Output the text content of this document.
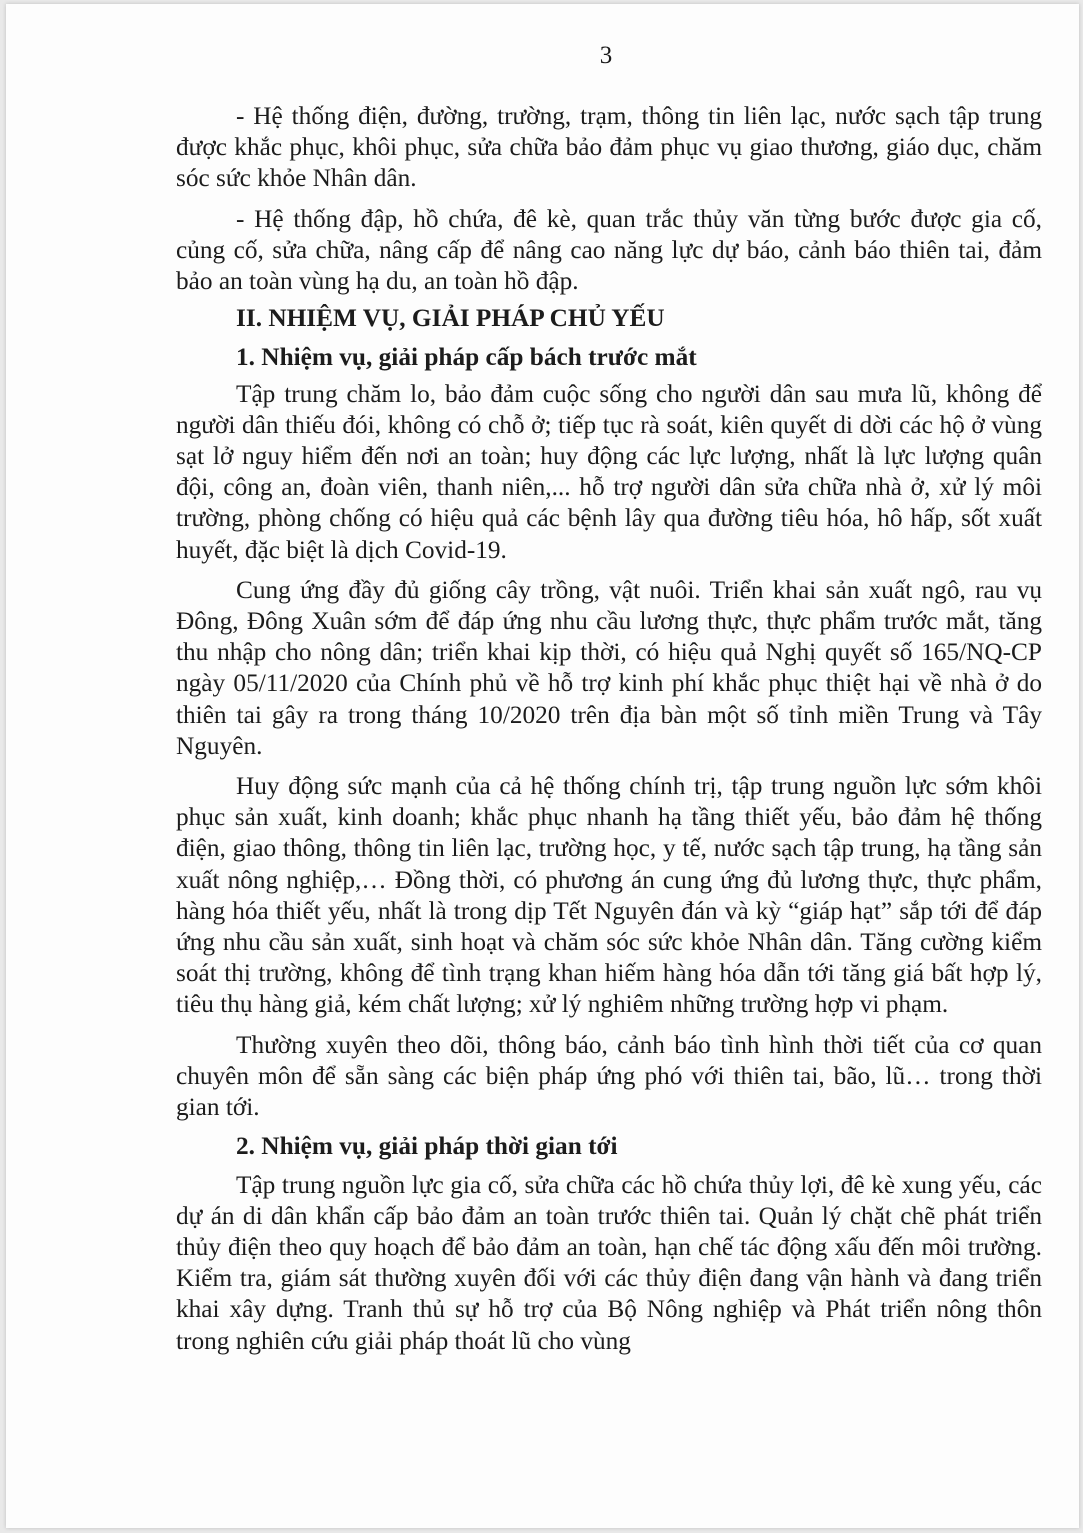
3

- Hệ thống điện, đường, trường, trạm, thông tin liên lạc, nước sạch tập trung được khắc phục, khôi phục, sửa chữa bảo đảm phục vụ giao thương, giáo dục, chăm sóc sức khỏe Nhân dân.

- Hệ thống đập, hồ chứa, đê kè, quan trắc thủy văn từng bước được gia cố, củng cố, sửa chữa, nâng cấp để nâng cao năng lực dự báo, cảnh báo thiên tai, đảm bảo an toàn vùng hạ du, an toàn hồ đập.

II. NHIỆM VỤ, GIẢI PHÁP CHỦ YẾU
1. Nhiệm vụ, giải pháp cấp bách trước mắt

Tập trung chăm lo, bảo đảm cuộc sống cho người dân sau mưa lũ, không để người dân thiếu đói, không có chỗ ở; tiếp tục rà soát, kiên quyết di dời các hộ ở vùng sạt lở nguy hiểm đến nơi an toàn; huy động các lực lượng, nhất là lực lượng quân đội, công an, đoàn viên, thanh niên,... hỗ trợ người dân sửa chữa nhà ở, xử lý môi trường, phòng chống có hiệu quả các bệnh lây qua đường tiêu hóa, hô hấp, sốt xuất huyết, đặc biệt là dịch Covid-19.

Cung ứng đầy đủ giống cây trồng, vật nuôi. Triển khai sản xuất ngô, rau vụ Đông, Đông Xuân sớm để đáp ứng nhu cầu lương thực, thực phẩm trước mắt, tăng thu nhập cho nông dân; triển khai kịp thời, có hiệu quả Nghị quyết số 165/NQ-CP ngày 05/11/2020 của Chính phủ về hỗ trợ kinh phí khắc phục thiệt hại về nhà ở do thiên tai gây ra trong tháng 10/2020 trên địa bàn một số tỉnh miền Trung và Tây Nguyên.

Huy động sức mạnh của cả hệ thống chính trị, tập trung nguồn lực sớm khôi phục sản xuất, kinh doanh; khắc phục nhanh hạ tầng thiết yếu, bảo đảm hệ thống điện, giao thông, thông tin liên lạc, trường học, y tế, nước sạch tập trung, hạ tầng sản xuất nông nghiệp,… Đồng thời, có phương án cung ứng đủ lương thực, thực phẩm, hàng hóa thiết yếu, nhất là trong dịp Tết Nguyên đán và kỳ “giáp hạt” sắp tới để đáp ứng nhu cầu sản xuất, sinh hoạt và chăm sóc sức khỏe Nhân dân. Tăng cường kiểm soát thị trường, không để tình trạng khan hiếm hàng hóa dẫn tới tăng giá bất hợp lý, tiêu thụ hàng giả, kém chất lượng; xử lý nghiêm những trường hợp vi phạm.

Thường xuyên theo dõi, thông báo, cảnh báo tình hình thời tiết của cơ quan chuyên môn để sẵn sàng các biện pháp ứng phó với thiên tai, bão, lũ… trong thời gian tới.

2. Nhiệm vụ, giải pháp thời gian tới

Tập trung nguồn lực gia cố, sửa chữa các hồ chứa thủy lợi, đê kè xung yếu, các dự án di dân khẩn cấp bảo đảm an toàn trước thiên tai. Quản lý chặt chẽ phát triển thủy điện theo quy hoạch để bảo đảm an toàn, hạn chế tác động xấu đến môi trường. Kiểm tra, giám sát thường xuyên đối với các thủy điện đang vận hành và đang triển khai xây dựng. Tranh thủ sự hỗ trợ của Bộ Nông nghiệp và Phát triển nông thôn trong nghiên cứu giải pháp thoát lũ cho vùng
